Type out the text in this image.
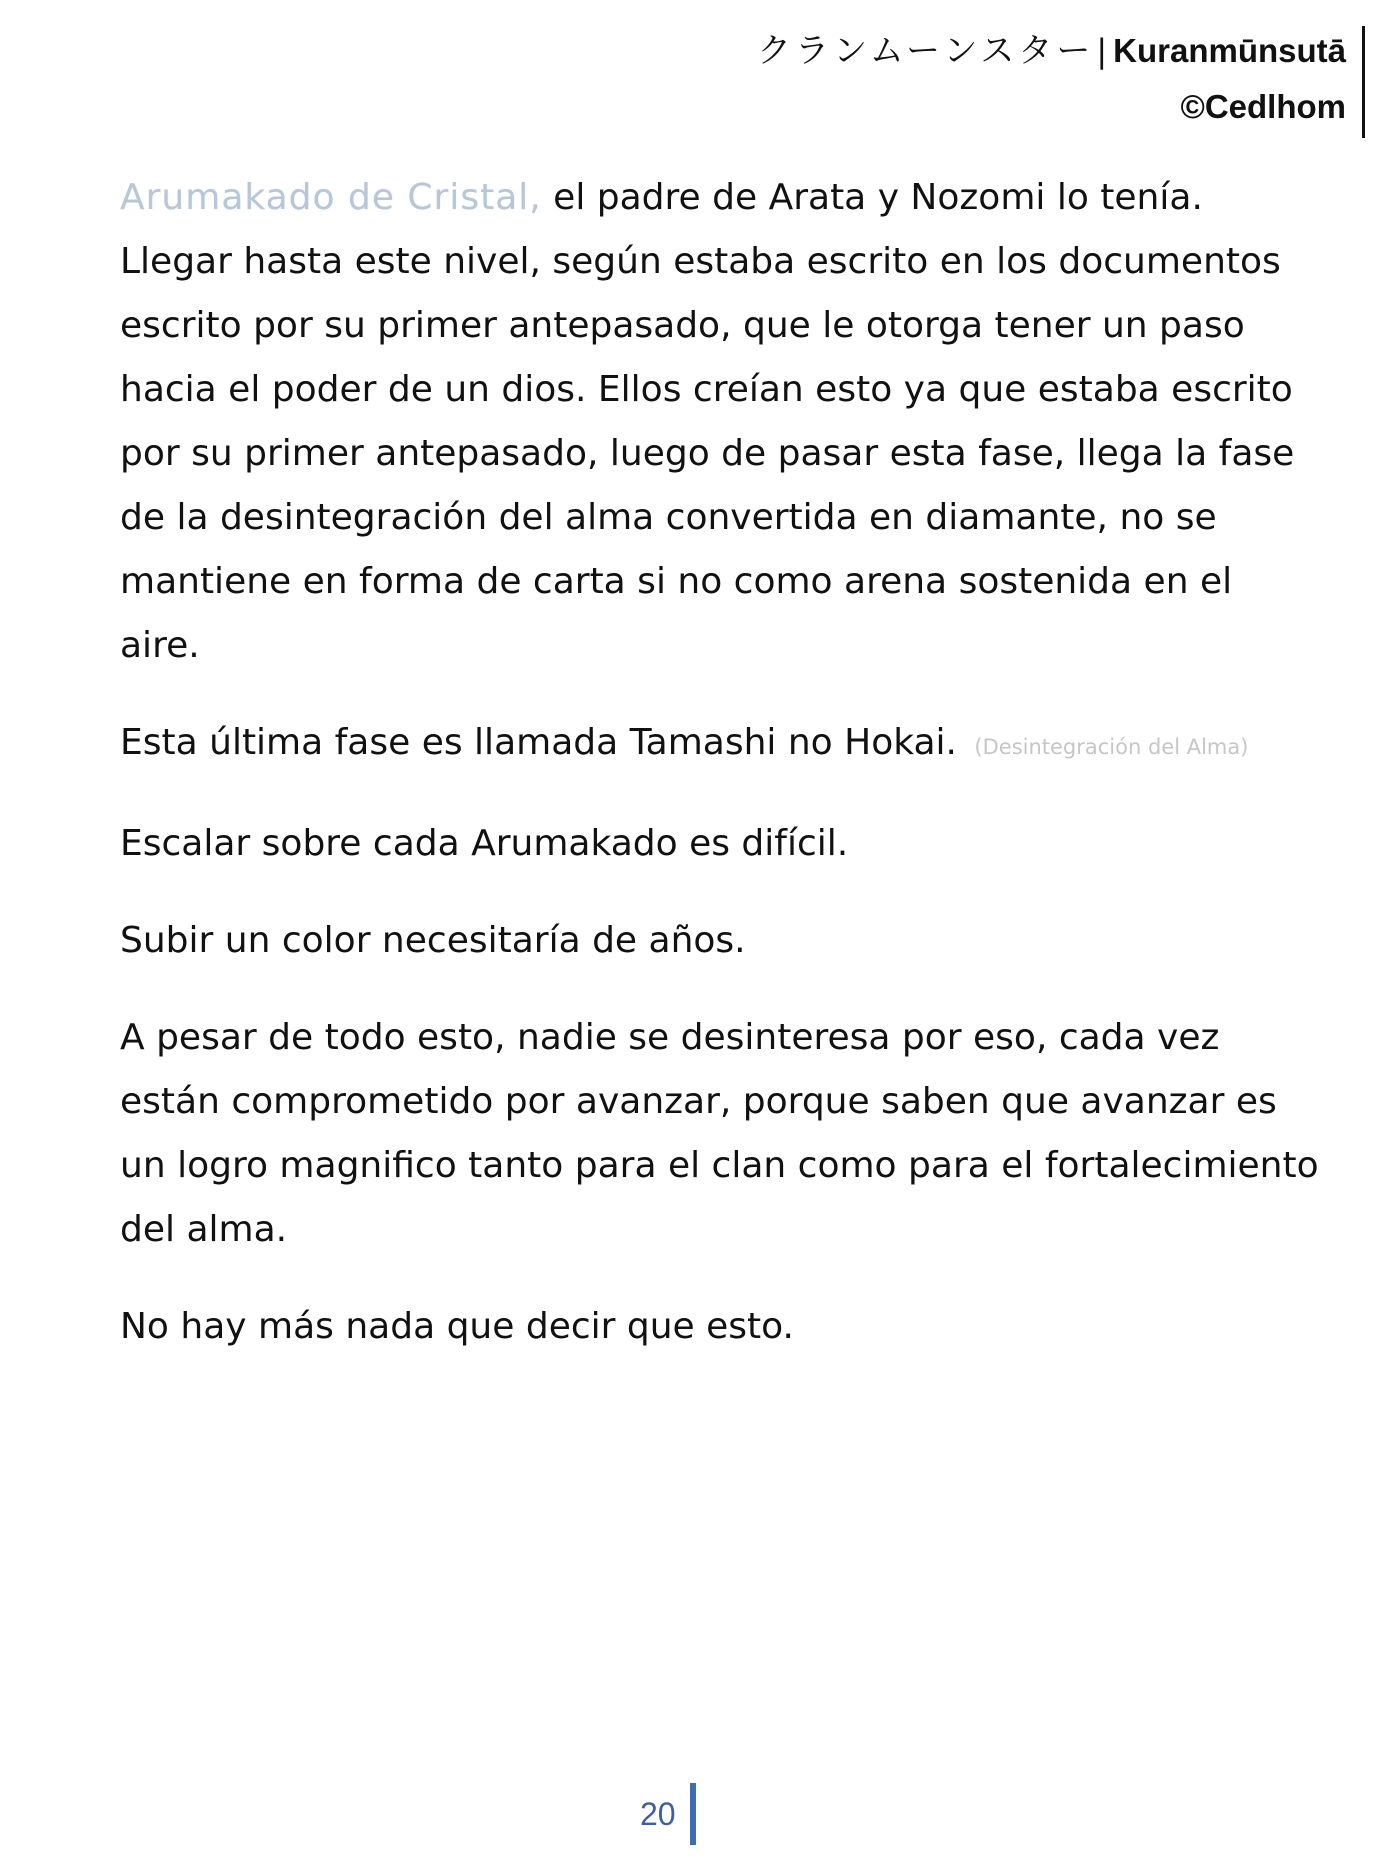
クランムーンスター| Kuranmūnsutā
©Cedlhom

Arumakado de Cristal, el padre de Arata y Nozomi lo tenía. Llegar hasta este nivel, según estaba escrito en los documentos escrito por su primer antepasado, que le otorga tener un paso hacia el poder de un dios. Ellos creían esto ya que estaba escrito por su primer antepasado, luego de pasar esta fase, llega la fase de la desintegración del alma convertida en diamante, no se mantiene en forma de carta si no como arena sostenida en el aire.

Esta última fase es llamada Tamashi no Hokai. (Desintegración del Alma)

Escalar sobre cada Arumakado es difícil.

Subir un color necesitaría de años.

A pesar de todo esto, nadie se desinteresa por eso, cada vez están comprometido por avanzar, porque saben que avanzar es un logro magnifico tanto para el clan como para el fortalecimiento del alma.

No hay más nada que decir que esto.

20
